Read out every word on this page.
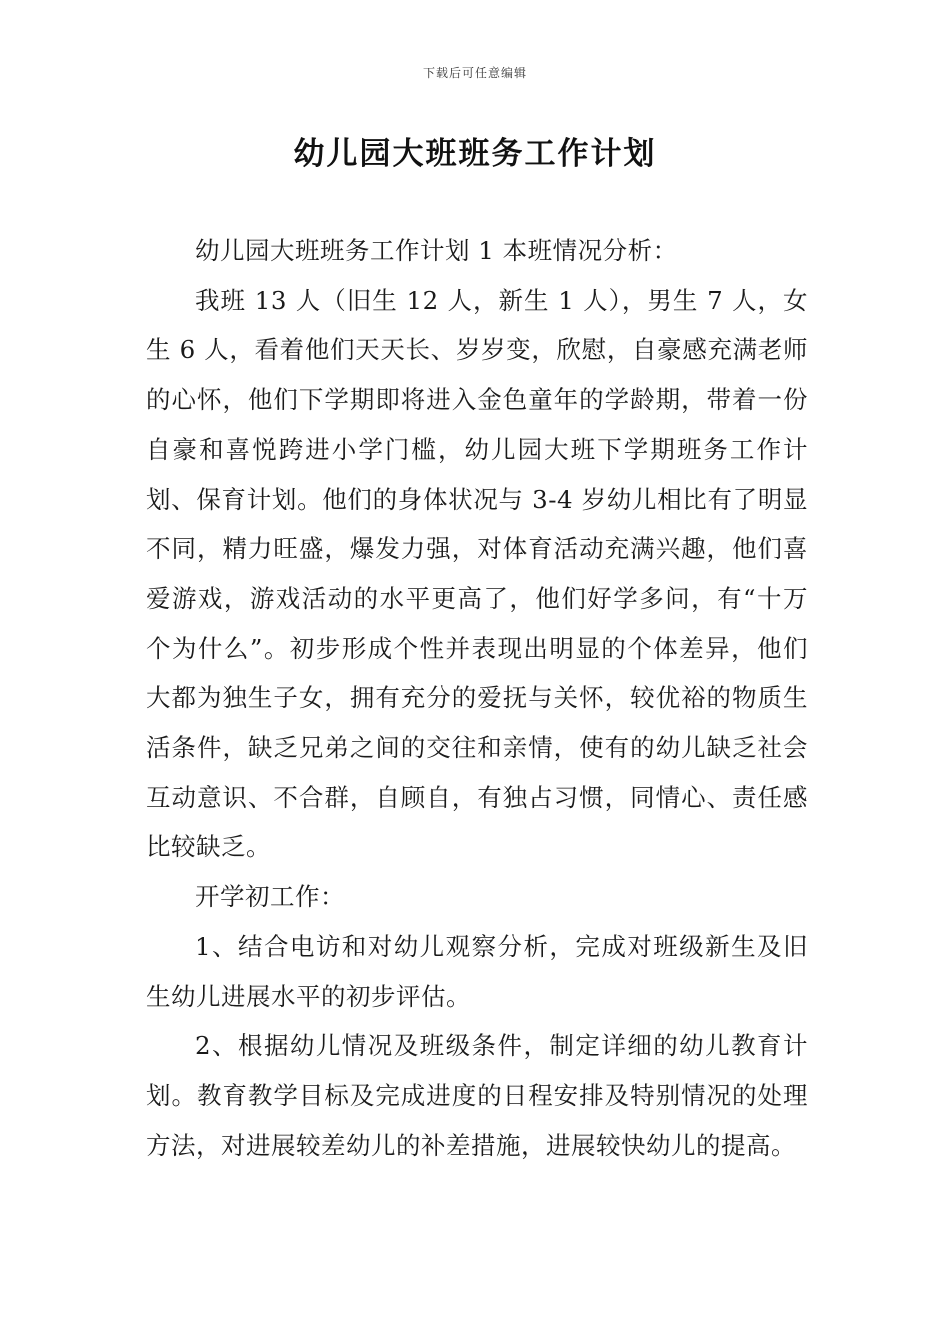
下载后可任意编辑
幼儿园大班班务工作计划

幼儿园大班班务工作计划 1 本班情况分析：

我班 13 人（旧生 12 人，新生 1 人），男生 7 人，女生 6 人，看着他们天天长、岁岁变，欣慰，自豪感充满老师的心怀，他们下学期即将进入金色童年的学龄期，带着一份自豪和喜悦跨进小学门槛，幼儿园大班下学期班务工作计划、保育计划。他们的身体状况与 3-4 岁幼儿相比有了明显不同，精力旺盛，爆发力强，对体育活动充满兴趣，他们喜爱游戏，游戏活动的水平更高了，他们好学多问，有“十万个为什么”。初步形成个性并表现出明显的个体差异，他们大都为独生子女，拥有充分的爱抚与关怀，较优裕的物质生活条件，缺乏兄弟之间的交往和亲情，使有的幼儿缺乏社会互动意识、不合群，自顾自，有独占习惯，同情心、责任感比较缺乏。

开学初工作：

1、结合电访和对幼儿观察分析，完成对班级新生及旧生幼儿进展水平的初步评估。

2、根据幼儿情况及班级条件，制定详细的幼儿教育计划。教育教学目标及完成进度的日程安排及特别情况的处理方法，对进展较差幼儿的补差措施，进展较快幼儿的提高。
